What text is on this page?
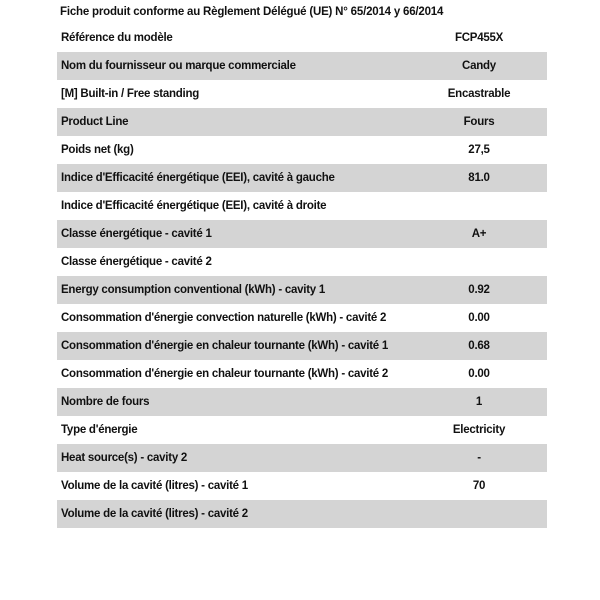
Fiche produit conforme au Règlement Délégué (UE) N° 65/2014 y 66/2014
Référence du modèle	FCP455X
Nom du fournisseur ou marque commerciale	Candy
[M] Built-in / Free standing	Encastrable
Product Line	Fours
Poids net (kg)	27,5
Indice d'Efficacité énergétique (EEI), cavité à gauche	81.0
Indice d'Efficacité énergétique (EEI), cavité à droite
Classe énergétique - cavité 1	A+
Classe énergétique - cavité 2
Energy consumption conventional (kWh) - cavity 1	0.92
Consommation d'énergie convection naturelle (kWh) - cavité 2	0.00
Consommation d'énergie en chaleur tournante (kWh) - cavité 1	0.68
Consommation d'énergie en chaleur tournante (kWh) - cavité 2	0.00
Nombre de fours	1
Type d'énergie	Electricity
Heat source(s) - cavity 2	-
Volume de la cavité (litres) - cavité 1	70
Volume de la cavité (litres) - cavité 2
